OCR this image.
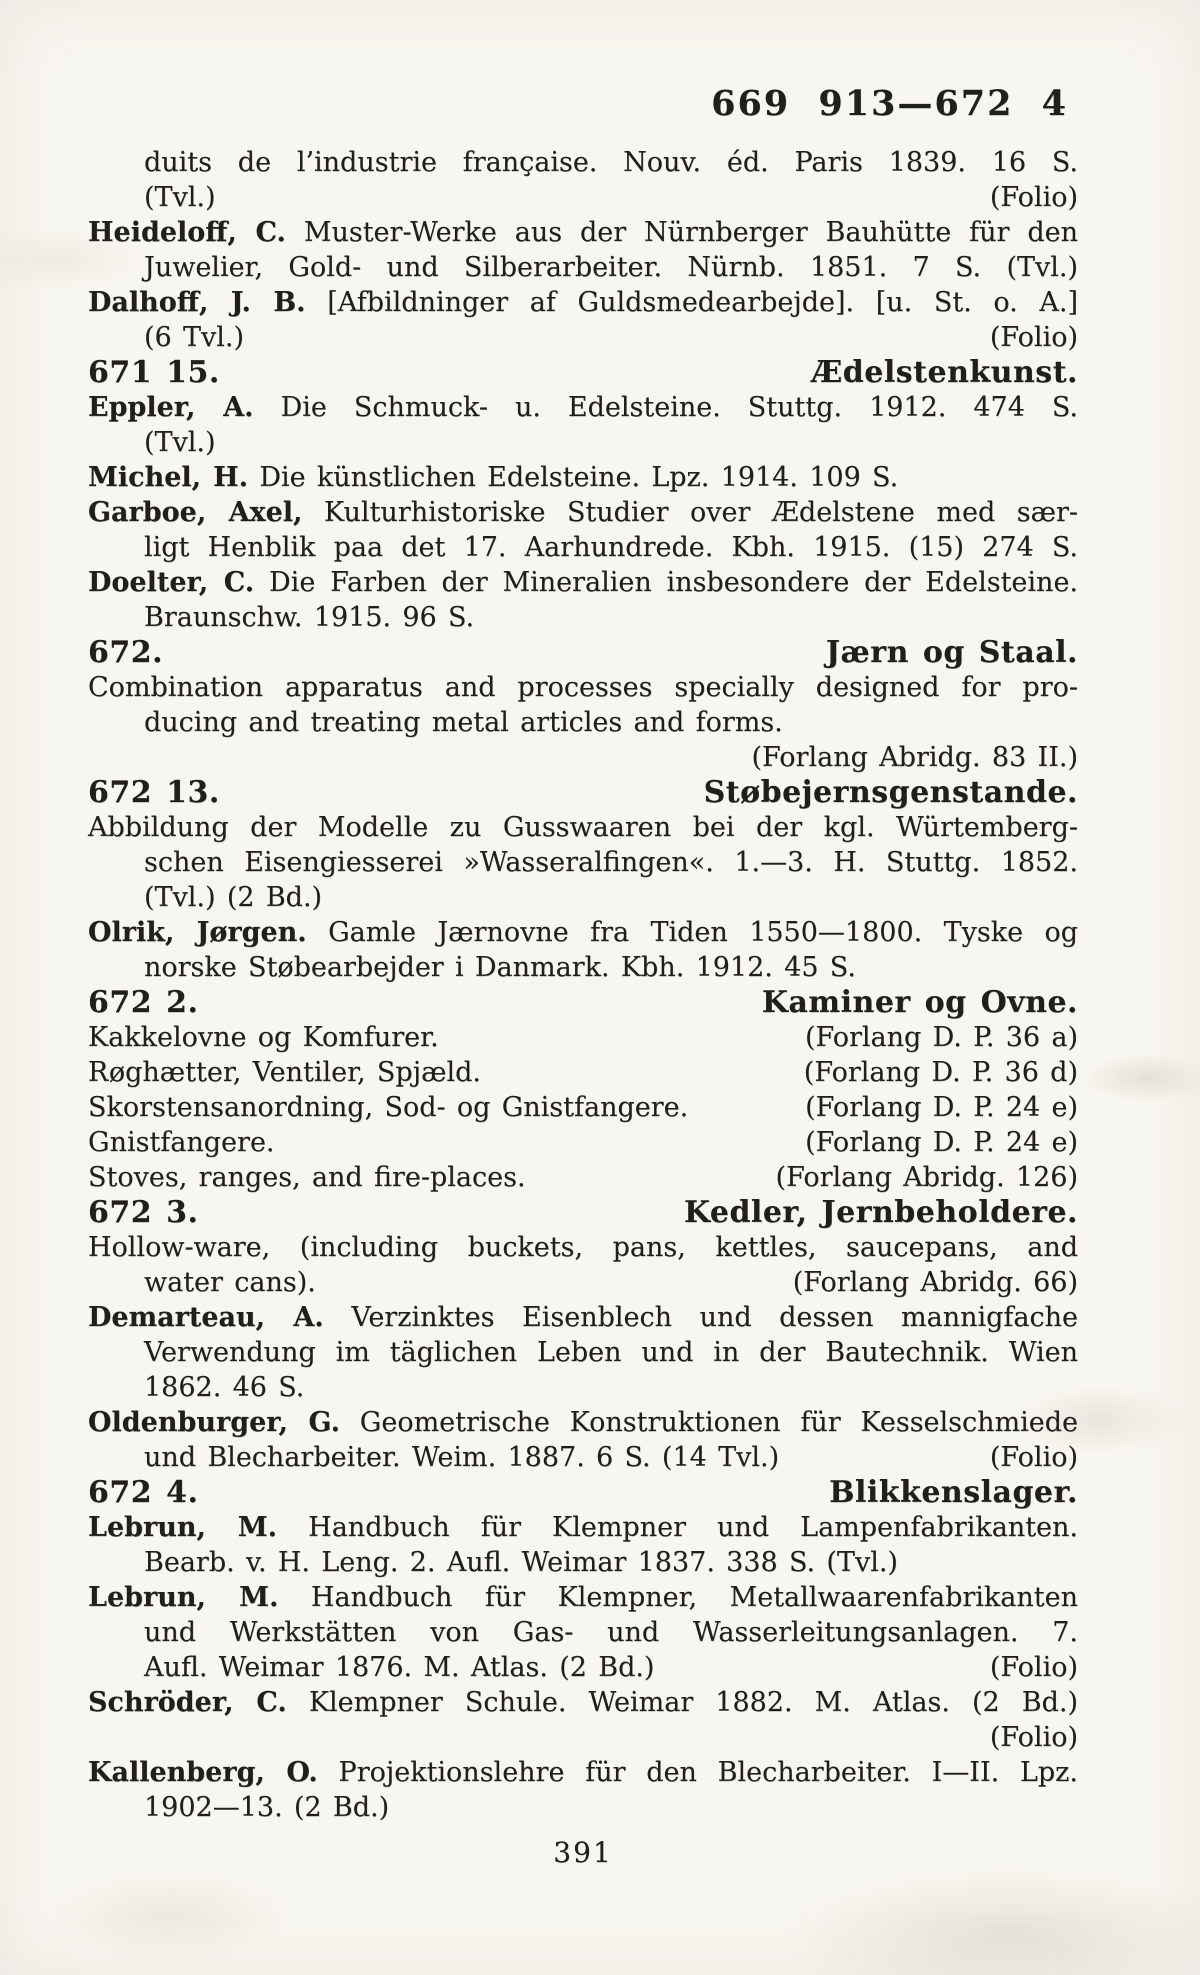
669 913—672 4
duits de l’industrie française. Nouv. éd. Paris 1839. 16 S.
(Tvl.)	(Folio)
Heideloff, C. Muster-Werke aus der Nürnberger Bauhütte für den
Juwelier, Gold- und Silberarbeiter. Nürnb. 1851. 7 S. (Tvl.)
Dalhoff, J. B. [Afbildninger af Guldsmedearbejde]. [u. St. o. A.]
(6 Tvl.)	(Folio)
671 15.	Ædelstenkunst.
Eppler, A. Die Schmuck- u. Edelsteine. Stuttg. 1912. 474 S.
(Tvl.)
Michel, H. Die künstlichen Edelsteine. Lpz. 1914. 109 S.
Garboe, Axel, Kulturhistoriske Studier over Ædelstene med sær-
ligt Henblik paa det 17. Aarhundrede. Kbh. 1915. (15) 274 S.
Doelter, C. Die Farben der Mineralien insbesondere der Edelsteine.
Braunschw. 1915. 96 S.
672.	Jærn og Staal.
Combination apparatus and processes specially designed for pro-
ducing and treating metal articles and forms.
(Forlang Abridg. 83 II.)
672 13.	Støbejernsgenstande.
Abbildung der Modelle zu Gusswaaren bei der kgl. Würtemberg-
schen Eisengiesserei »Wasseralfingen«. 1.—3. H. Stuttg. 1852.
(Tvl.) (2 Bd.)
Olrik, Jørgen. Gamle Jærnovne fra Tiden 1550—1800. Tyske og
norske Støbearbejder i Danmark. Kbh. 1912. 45 S.
672 2.	Kaminer og Ovne.
Kakkelovne og Komfurer.	(Forlang D. P. 36 a)
Røghætter, Ventiler, Spjæld.	(Forlang D. P. 36 d)
Skorstensanordning, Sod- og Gnistfangere.	(Forlang D. P. 24 e)
Gnistfangere.	(Forlang D. P. 24 e)
Stoves, ranges, and fire-places.	(Forlang Abridg. 126)
672 3.	Kedler, Jernbeholdere.
Hollow-ware, (including buckets, pans, kettles, saucepans, and
water cans).	(Forlang Abridg. 66)
Demarteau, A. Verzinktes Eisenblech und dessen mannigfache
Verwendung im täglichen Leben und in der Bautechnik. Wien
1862. 46 S.
Oldenburger, G. Geometrische Konstruktionen für Kesselschmiede
und Blecharbeiter. Weim. 1887. 6 S. (14 Tvl.)	(Folio)
672 4.	Blikkenslager.
Lebrun, M. Handbuch für Klempner und Lampenfabrikanten.
Bearb. v. H. Leng. 2. Aufl. Weimar 1837. 338 S. (Tvl.)
Lebrun, M. Handbuch für Klempner, Metallwaarenfabrikanten
und Werkstätten von Gas- und Wasserleitungsanlagen. 7.
Aufl. Weimar 1876. M. Atlas. (2 Bd.)	(Folio)
Schröder, C. Klempner Schule. Weimar 1882. M. Atlas. (2 Bd.)
(Folio)
Kallenberg, O. Projektionslehre für den Blecharbeiter. I—II. Lpz.
1902—13. (2 Bd.)
391
